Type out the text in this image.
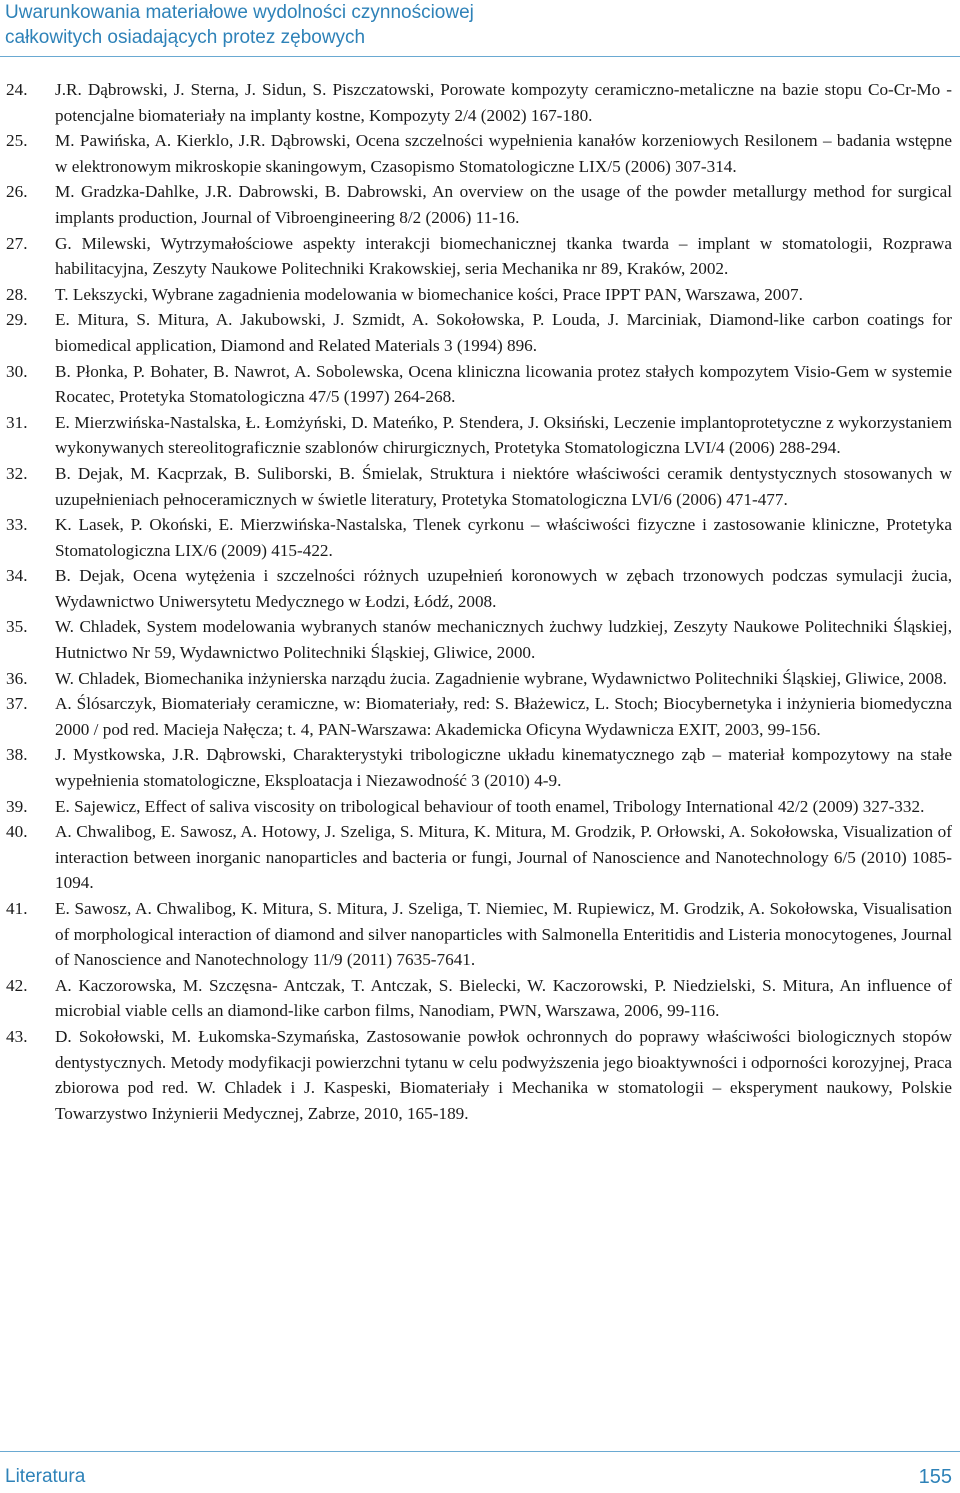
Uwarunkowania materiałowe wydolności czynnościowej
całkowitych osiadających protez zębowych
24.	J.R. Dąbrowski, J. Sterna, J. Sidun, S. Piszczatowski, Porowate kompozyty ceramiczno-metaliczne na bazie stopu Co-Cr-Mo - potencjalne biomateriały na implanty kostne, Kompozyty 2/4 (2002) 167-180.
25.	M. Pawińska, A. Kierklo, J.R. Dąbrowski, Ocena szczelności wypełnienia kanałów korzeniowych Resilonem – badania wstępne w elektronowym mikroskopie skaningowym, Czasopismo Stomatologiczne LIX/5 (2006) 307-314.
26.	M. Gradzka-Dahlke, J.R. Dabrowski, B. Dabrowski, An overview on the usage of the powder metallurgy method for surgical implants production, Journal of Vibroengineering 8/2 (2006) 11-16.
27.	G. Milewski, Wytrzymałościowe aspekty interakcji biomechanicznej tkanka twarda – implant w stomatologii, Rozprawa habilitacyjna, Zeszyty Naukowe Politechniki Krakowskiej, seria Mechanika nr 89, Kraków, 2002.
28.	T. Lekszycki, Wybrane zagadnienia modelowania w biomechanice kości, Prace IPPT PAN, Warszawa, 2007.
29.	E. Mitura, S. Mitura, A. Jakubowski, J. Szmidt, A. Sokołowska, P. Louda, J. Marciniak, Diamond-like carbon coatings for biomedical application, Diamond and Related Materials 3 (1994) 896.
30.	B. Płonka, P. Bohater, B. Nawrot, A. Sobolewska, Ocena kliniczna licowania protez stałych kompozytem Visio-Gem w systemie Rocatec, Protetyka Stomatologiczna 47/5 (1997) 264-268.
31.	E. Mierzwińska-Nastalska, Ł. Łomżyński, D. Mateńko, P. Stendera, J. Oksiński, Leczenie implantoprotetyczne z wykorzystaniem wykonywanych stereolitograficznie szablonów chirurgicznych, Protetyka Stomatologiczna LVI/4 (2006) 288-294.
32.	B. Dejak, M. Kacprzak, B. Suliborski, B. Śmielak, Struktura i niektóre właściwości ceramik dentystycznych stosowanych w uzupełnieniach pełnoceramicznych w świetle literatury, Protetyka Stomatologiczna LVI/6 (2006) 471-477.
33.	K. Lasek, P. Okoński, E. Mierzwińska-Nastalska, Tlenek cyrkonu – właściwości fizyczne i zastosowanie kliniczne, Protetyka Stomatologiczna LIX/6 (2009) 415-422.
34.	B. Dejak, Ocena wytężenia i szczelności różnych uzupełnień koronowych w zębach trzonowych podczas symulacji żucia, Wydawnictwo Uniwersytetu Medycznego w Łodzi, Łódź, 2008.
35.	W. Chladek, System modelowania wybranych stanów mechanicznych żuchwy ludzkiej, Zeszyty Naukowe Politechniki Śląskiej, Hutnictwo Nr 59, Wydawnictwo Politechniki Śląskiej, Gliwice, 2000.
36.	W. Chladek, Biomechanika inżynierska narządu żucia. Zagadnienie wybrane, Wydawnictwo Politechniki Śląskiej, Gliwice, 2008.
37.	A. Ślósarczyk, Biomateriały ceramiczne, w: Biomateriały, red: S. Błażewicz, L. Stoch; Biocybernetyka i inżynieria biomedyczna 2000 / pod red. Macieja Nałęcza; t. 4, PAN-Warszawa: Akademicka Oficyna Wydawnicza EXIT, 2003, 99-156.
38.	J. Mystkowska, J.R. Dąbrowski, Charakterystyki tribologiczne układu kinematycznego ząb – materiał kompozytowy na stałe wypełnienia stomatologiczne, Eksploatacja i Niezawodność 3 (2010) 4-9.
39.	E. Sajewicz, Effect of saliva viscosity on tribological behaviour of tooth enamel, Tribology International 42/2 (2009) 327-332.
40.	A. Chwalibog, E. Sawosz, A. Hotowy, J. Szeliga, S. Mitura, K. Mitura, M. Grodzik, P. Orłowski, A. Sokołowska, Visualization of interaction between inorganic nanoparticles and bacteria or fungi, Journal of Nanoscience and Nanotechnology 6/5 (2010) 1085-1094.
41.	E. Sawosz, A. Chwalibog, K. Mitura, S. Mitura, J. Szeliga, T. Niemiec, M. Rupiewicz, M. Grodzik, A. Sokołowska, Visualisation of morphological interaction of diamond and silver nanoparticles with Salmonella Enteritidis and Listeria monocytogenes, Journal of Nanoscience and Nanotechnology 11/9 (2011) 7635-7641.
42.	A. Kaczorowska, M. Szczęsna- Antczak, T. Antczak, S. Bielecki, W. Kaczorowski, P. Niedzielski, S. Mitura, An influence of microbial viable cells an diamond-like carbon films, Nanodiam, PWN, Warszawa, 2006, 99-116.
43.	D. Sokołowski, M. Łukomska-Szymańska, Zastosowanie powłok ochronnych do poprawy właściwości biologicznych stopów dentystycznych. Metody modyfikacji powierzchni tytanu w celu podwyższenia jego bioaktywności i odporności korozyjnej, Praca zbiorowa pod red. W. Chladek i J. Kaspeski, Biomateriały i Mechanika w stomatologii – eksperyment naukowy, Polskie Towarzystwo Inżynierii Medycznej, Zabrze, 2010, 165-189.
Literatura	155
